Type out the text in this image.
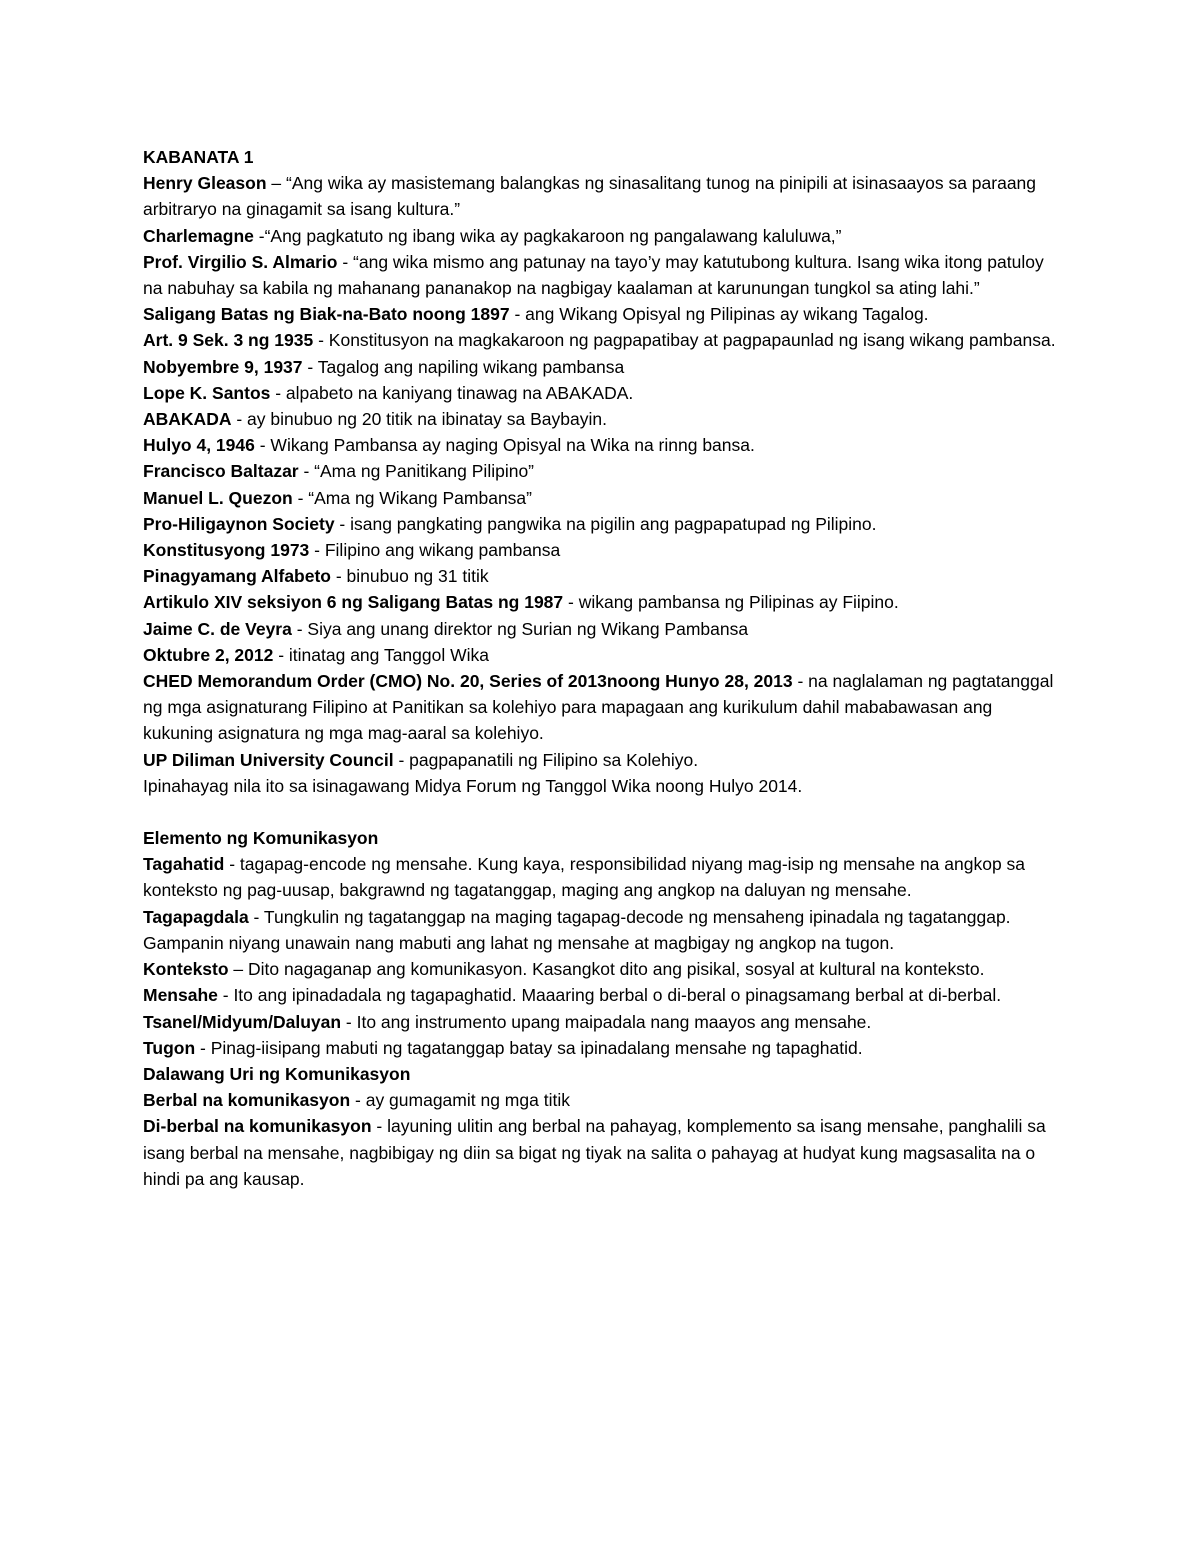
KABANATA 1

Henry Gleason – “Ang wika ay masistemang balangkas ng sinasalitang tunog na pinipili at isinasaayos sa paraang arbitraryo na ginagamit sa isang kultura.”

Charlemagne -“Ang pagkatuto ng ibang wika ay pagkakaroon ng pangalawang kaluluwa,”

Prof. Virgilio S. Almario - “ang wika mismo ang patunay na tayo’y may katutubong kultura. Isang wika itong patuloy na nabuhay sa kabila ng mahanang pananakop na nagbigay kaalaman at karunungan tungkol sa ating lahi.”

Saligang Batas ng Biak-na-Bato noong 1897 - ang Wikang Opisyal ng Pilipinas ay wikang Tagalog.

Art. 9 Sek. 3 ng 1935 - Konstitusyon na magkakaroon ng pagpapatibay at pagpapaunlad ng isang wikang pambansa.

Nobyembre 9, 1937 - Tagalog ang napiling wikang pambansa

Lope K. Santos - alpabeto na kaniyang tinawag na ABAKADA.

ABAKADA - ay binubuo ng 20 titik na ibinatay sa Baybayin.

Hulyo 4, 1946 - Wikang Pambansa ay naging Opisyal na Wika na rinng bansa.

Francisco Baltazar - “Ama ng Panitikang Pilipino”

Manuel L. Quezon - “Ama ng Wikang Pambansa”

Pro-Hiligaynon Society - isang pangkating pangwika na pigilin ang pagpapatupad ng Pilipino.

Konstitusyong 1973 - Filipino ang wikang pambansa

Pinagyamang Alfabeto - binubuo ng 31 titik

Artikulo XIV seksiyon 6 ng Saligang Batas ng 1987 - wikang pambansa ng Pilipinas ay Fiipino.

Jaime C. de Veyra - Siya ang unang direktor ng Surian ng Wikang Pambansa

Oktubre 2, 2012 - itinatag ang Tanggol Wika

CHED Memorandum Order (CMO) No. 20, Series of 2013noong Hunyo 28, 2013 - na naglalaman ng pagtatanggal ng mga asignaturang Filipino at Panitikan sa kolehiyo para mapagaan ang kurikulum dahil mababawasan ang kukuning asignatura ng mga mag-aaral sa kolehiyo.

UP Diliman University Council - pagpapanatili ng Filipino sa Kolehiyo.

Ipinahayag nila ito sa isinagawang Midya Forum ng Tanggol Wika noong Hulyo 2014.

Elemento ng Komunikasyon

Tagahatid - tagapag-encode ng mensahe. Kung kaya, responsibilidad niyang mag-isip ng mensahe na angkop sa konteksto ng pag-uusap, bakgrawnd ng tagatanggap, maging ang angkop na daluyan ng mensahe.

Tagapagdala - Tungkulin ng tagatanggap na maging tagapag-decode ng mensaheng ipinadala ng tagatanggap. Gampanin niyang unawain nang mabuti ang lahat ng mensahe at magbigay ng angkop na tugon.

Konteksto – Dito nagaganap ang komunikasyon. Kasangkot dito ang pisikal, sosyal at kultural na konteksto.

Mensahe - Ito ang ipinadadala ng tagapaghatid. Maaaring berbal o di-beral o pinagsamang berbal at di-berbal.

Tsanel/Midyum/Daluyan - Ito ang instrumento upang maipadala nang maayos ang mensahe.

Tugon - Pinag-iisipang mabuti ng tagatanggap batay sa ipinadalang mensahe ng tapaghatid.

Dalawang Uri ng Komunikasyon

Berbal na komunikasyon - ay gumagamit ng mga titik

Di-berbal na komunikasyon - layuning ulitin ang berbal na pahayag, komplemento sa isang mensahe, panghalili sa isang berbal na mensahe, nagbibigay ng diin sa bigat ng tiyak na salita o pahayag at hudyat kung magsasalita na o hindi pa ang kausap.
